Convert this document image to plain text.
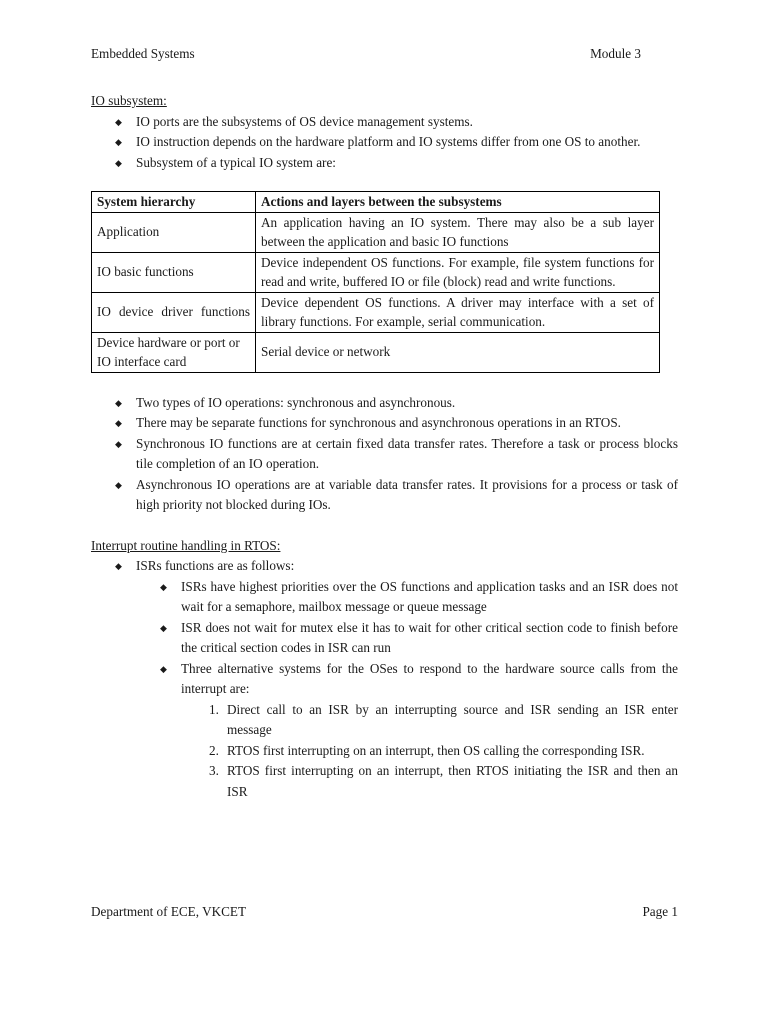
Embedded Systems	Module 3
IO subsystem:
◆ IO ports are the subsystems of OS device management systems.
◆ IO instruction depends on the hardware platform and IO systems differ from one OS to another.
◆ Subsystem of a typical IO system are:
System hierarchy	Actions and layers between the subsystems
Application	An application having an IO system. There may also be a sub layer between the application and basic IO functions
IO basic functions	Device independent OS functions. For example, file system functions for read and write, buffered IO or file (block) read and write functions.
IO device driver functions	Device dependent OS functions. A driver may interface with a set of library functions. For example, serial communication.
Device hardware or port or IO interface card	Serial device or network
◆ Two types of IO operations: synchronous and asynchronous.
◆ There may be separate functions for synchronous and asynchronous operations in an RTOS.
◆ Synchronous IO functions are at certain fixed data transfer rates. Therefore a task or process blocks tile completion of an IO operation.
◆ Asynchronous IO operations are at variable data transfer rates. It provisions for a process or task of high priority not blocked during IOs.
Interrupt routine handling in RTOS:
◆ ISRs functions are as follows:
◆ ISRs have highest priorities over the OS functions and application tasks and an ISR does not wait for a semaphore, mailbox message or queue message
◆ ISR does not wait for mutex else it has to wait for other critical section code to finish before the critical section codes in ISR can run
◆ Three alternative systems for the OSes to respond to the hardware source calls from the interrupt are:
1. Direct call to an ISR by an interrupting source and ISR sending an ISR enter message
2. RTOS first interrupting on an interrupt, then OS calling the corresponding ISR.
3. RTOS first interrupting on an interrupt, then RTOS initiating the ISR and then an ISR
Department of ECE, VKCET	Page 1
